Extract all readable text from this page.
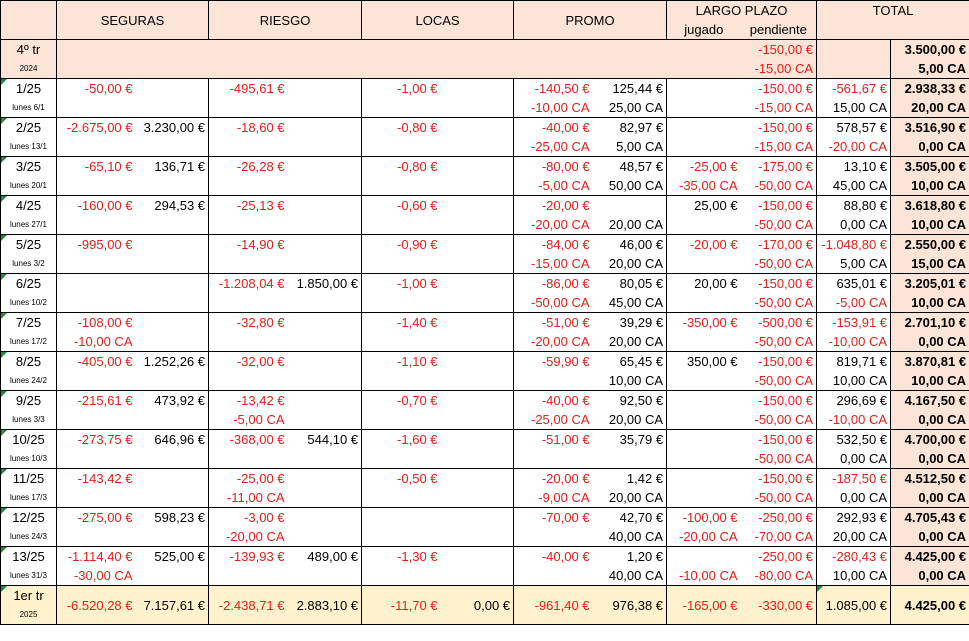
	SEGURAS		RIESGO		LOCAS		PROMO		LARGO PLAZO		TOTAL	
									jugado	pendiente		

4º tr
2024										-150,00 €		3.500,00 €
										-15,00 CA		5,00 CA

1/25
lunes 6/1	-50,00 €		-495,61 €		-1,00 €		-140,50 €	125,44 €		-150,00 €	-561,67 €	2.938,33 €
							-10,00 CA	25,00 CA		-15,00 CA	15,00 CA	20,00 CA

2/25
lunes 13/1	-2.675,00 €	3.230,00 €	-18,60 €		-0,80 €		-40,00 €	82,97 €		-150,00 €	578,57 €	3.516,90 €
							-25,00 CA	5,00 CA		-15,00 CA	-20,00 CA	0,00 CA

3/25
lunes 20/1	-65,10 €	136,71 €	-26,28 €		-0,80 €		-80,00 €	48,57 €	-25,00 €	-175,00 €	13,10 €	3.505,00 €
							-5,00 CA	50,00 CA	-35,00 CA	-50,00 CA	45,00 CA	10,00 CA

4/25
lunes 27/1	-160,00 €	294,53 €	-25,13 €		-0,60 €		-20,00 €		25,00 €	-150,00 €	88,80 €	3.618,80 €
							-20,00 CA	20,00 CA		-50,00 CA	0,00 CA	10,00 CA

5/25
lunes 3/2	-995,00 €		-14,90 €		-0,90 €		-84,00 €	46,00 €	-20,00 €	-170,00 €	-1.048,80 €	2.550,00 €
							-15,00 CA	20,00 CA		-50,00 CA	5,00 CA	15,00 CA

6/25
lunes 10/2			-1.208,04 €	1.850,00 €	-1,00 €		-86,00 €	80,05 €	20,00 €	-150,00 €	635,01 €	3.205,01 €
							-50,00 CA	45,00 CA		-50,00 CA	-5,00 CA	10,00 CA

7/25
lunes 17/2	-108,00 €		-32,80 €		-1,40 €		-51,00 €	39,29 €	-350,00 €	-500,00 €	-153,91 €	2.701,10 €
	-10,00 CA						-20,00 CA	20,00 CA		-50,00 CA	-10,00 CA	0,00 CA

8/25
lunes 24/2	-405,00 €	1.252,26 €	-32,00 €		-1,10 €		-59,90 €	65,45 €	350,00 €	-150,00 €	819,71 €	3.870,81 €
								10,00 CA		-50,00 CA	10,00 CA	10,00 CA

9/25
lunes 3/3	-215,61 €	473,92 €	-13,42 €		-0,70 €		-40,00 €	92,50 €		-150,00 €	296,69 €	4.167,50 €
			-5,00 CA				-25,00 CA	20,00 CA		-50,00 CA	-10,00 CA	0,00 CA

10/25
lunes 10/3	-273,75 €	646,96 €	-368,00 €	544,10 €	-1,60 €		-51,00 €	35,79 €		-150,00 €	532,50 €	4.700,00 €
										-50,00 CA	0,00 CA	0,00 CA

11/25
lunes 17/3	-143,42 €		-25,00 €		-0,50 €		-20,00 €	1,42 €		-150,00 €	-187,50 €	4.512,50 €
			-11,00 CA				-9,00 CA	20,00 CA		-50,00 CA	0,00 CA	0,00 CA

12/25
lunes 24/3	-275,00 €	598,23 €	-3,00 €				-70,00 €	42,70 €	-100,00 €	-250,00 €	292,93 €	4.705,43 €
			-20,00 CA					40,00 CA	-20,00 CA	-70,00 CA	20,00 CA	0,00 CA

13/25
lunes 31/3	-1.114,40 €	525,00 €	-139,93 €	489,00 €	-1,30 €		-40,00 €	1,20 €		-250,00 €	-280,43 €	4.425,00 €
	-30,00 CA							40,00 CA	-10,00 CA	-80,00 CA	10,00 CA	0,00 CA

1er tr
2025	-6.520,28 €	7.157,61 €	-2.438,71 €	2.883,10 €	-11,70 €	0,00 €	-961,40 €	976,38 €	-165,00 €	-330,00 €	1.085,00 €	4.425,00 €
